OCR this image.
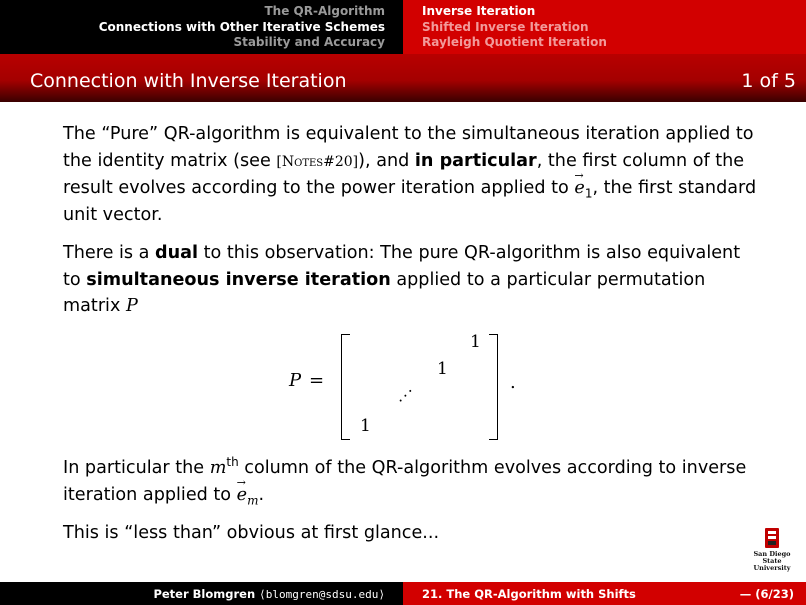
The QR-Algorithm
Connections with Other Iterative Schemes
Stability and Accuracy
Inverse Iteration
Shifted Inverse Iteration
Rayleigh Quotient Iteration
Connection with Inverse Iteration	1 of 5

The “Pure” QR-algorithm is equivalent to the simultaneous iteration applied to the identity matrix (see [Notes#20]), and in particular, the first column of the result evolves according to the power iteration applied to → $e_1$, the first standard unit vector.

There is a dual to this observation: The pure QR-algorithm is also equivalent to simultaneous inverse iteration applied to a particular permutation matrix P

P =
1
1
...
1
.

In particular the $m^{th}$ column of the QR-algorithm evolves according to inverse iteration applied to → $e_m$.

This is “less than” obvious at first glance...

San Diego State
University
Peter Blomgren ⟨blomgren@sdsu.edu⟩	21. The QR-Algorithm with Shifts	— (6/23)
